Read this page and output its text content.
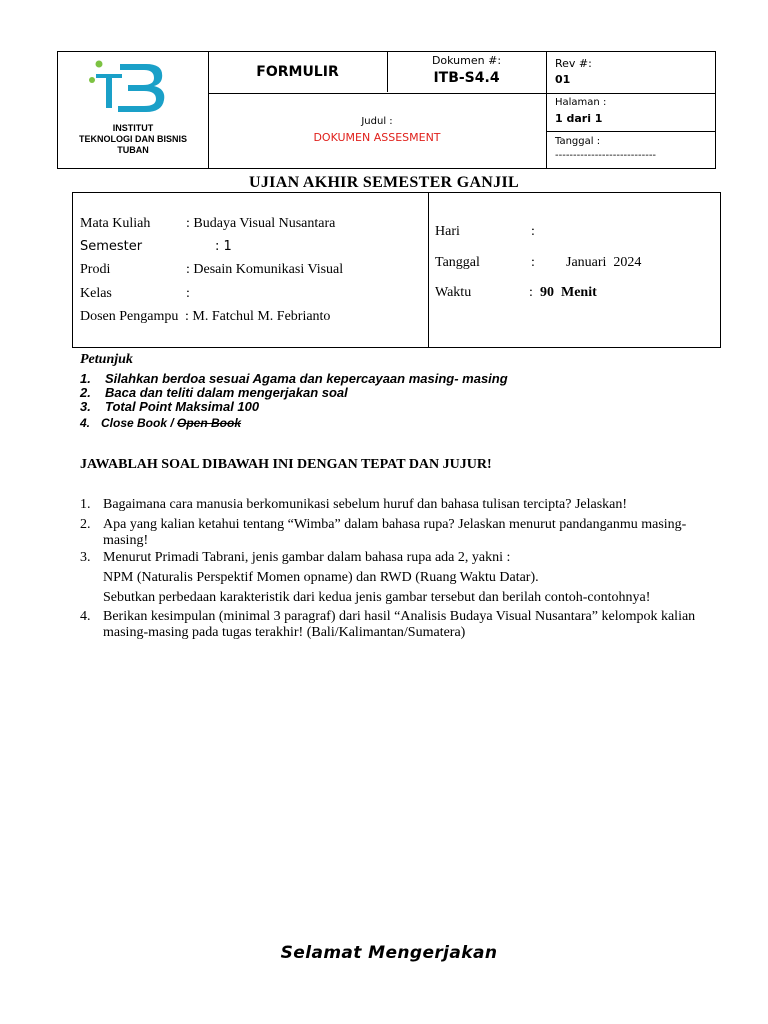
INSTITUT
TEKNOLOGI DAN BISNIS
TUBAN
FORMULIR
Dokumen #:
ITB-S4.4
Rev #:
01
Judul :
DOKUMEN ASSESMENT
Halaman :
1 dari 1
Tanggal :
----------------------------
UJIAN AKHIR SEMESTER GANJIL
Mata Kuliah	: Budaya Visual Nusantara
Semester	: 1
Prodi	: Desain Komunikasi Visual
Kelas	:
Dosen Pengampu : M. Fatchul M. Febrianto
Hari	:
Tanggal	: Januari  2024
Waktu	: 90  Menit
Petunjuk
1. Silahkan berdoa sesuai Agama dan kepercayaan masing- masing
2. Baca dan teliti dalam mengerjakan soal
3. Total Point Maksimal 100
4. Close Book / Open Book
JAWABLAH SOAL DIBAWAH INI DENGAN TEPAT DAN JUJUR!
1. Bagaimana cara manusia berkomunikasi sebelum huruf dan bahasa tulisan tercipta? Jelaskan!
2. Apa yang kalian ketahui tentang “Wimba” dalam bahasa rupa? Jelaskan menurut pandanganmu masing-masing!
3. Menurut Primadi Tabrani, jenis gambar dalam bahasa rupa ada 2, yakni :
NPM (Naturalis Perspektif Momen opname) dan RWD (Ruang Waktu Datar).
Sebutkan perbedaan karakteristik dari kedua jenis gambar tersebut dan berilah contoh-contohnya!
4. Berikan kesimpulan (minimal 3 paragraf) dari hasil “Analisis Budaya Visual Nusantara” kelompok kalian masing-masing pada tugas terakhir! (Bali/Kalimantan/Sumatera)
Selamat Mengerjakan
